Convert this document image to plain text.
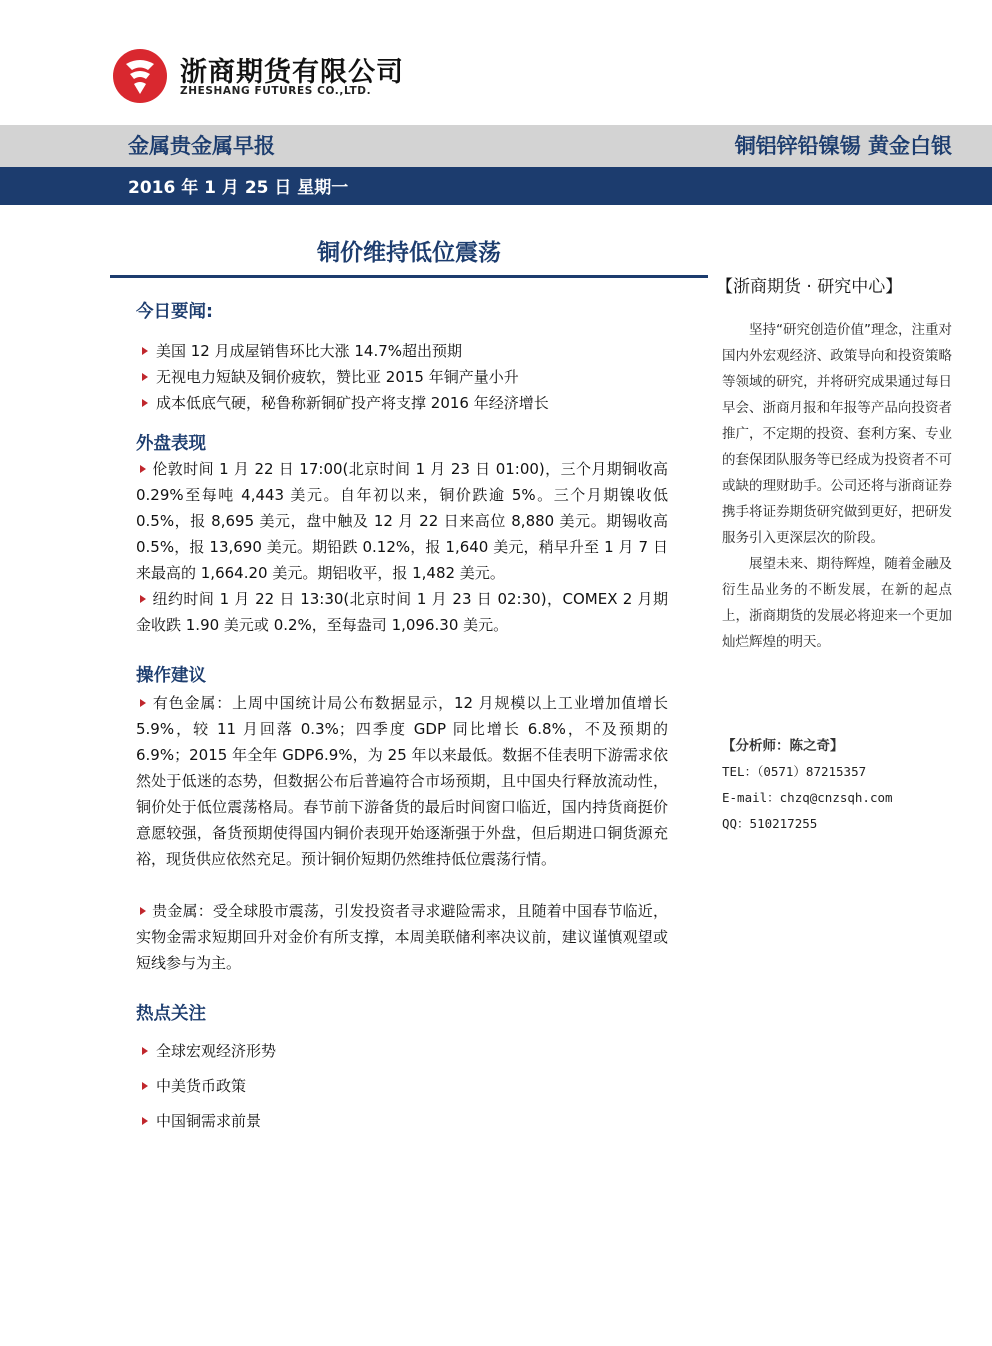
浙商期货有限公司
ZHESHANG FUTURES CO.,LTD.
金属贵金属早报	铜铝锌铅镍锡 黄金白银
2016 年 1 月 25 日 星期一
铜价维持低位震荡
今日要闻:
美国 12 月成屋销售环比大涨 14.7%超出预期
无视电力短缺及铜价疲软，赞比亚 2015 年铜产量小升
成本低底气硬，秘鲁称新铜矿投产将支撑 2016 年经济增长
外盘表现

伦敦时间 1 月 22 日 17:00(北京时间 1 月 23 日 01:00)，三个月期铜收高 0.29%至每吨 4,443 美元。自年初以来，铜价跌逾 5%。三个月期镍收低 0.5%，报 8,695 美元，盘中触及 12 月 22 日来高位 8,880 美元。期锡收高 0.5%，报 13,690 美元。期铅跌 0.12%，报 1,640 美元，稍早升至 1 月 7 日来最高的 1,664.20 美元。期铝收平，报 1,482 美元。

纽约时间 1 月 22 日 13:30(北京时间 1 月 23 日 02:30)，COMEX 2 月期金收跌 1.90 美元或 0.2%，至每盎司 1,096.30 美元。

操作建议

有色金属：上周中国统计局公布数据显示，12 月规模以上工业增加值增长 5.9%，较 11 月回落 0.3%；四季度 GDP 同比增长 6.8%，不及预期的 6.9%；2015 年全年 GDP6.9%，为 25 年以来最低。数据不佳表明下游需求依然处于低迷的态势，但数据公布后普遍符合市场预期，且中国央行释放流动性，铜价处于低位震荡格局。春节前下游备货的最后时间窗口临近，国内持货商挺价意愿较强，备货预期使得国内铜价表现开始逐渐强于外盘，但后期进口铜货源充裕，现货供应依然充足。预计铜价短期仍然维持低位震荡行情。

贵金属：受全球股市震荡，引发投资者寻求避险需求，且随着中国春节临近，实物金需求短期回升对金价有所支撑，本周美联储利率决议前，建议谨慎观望或短线参与为主。

热点关注
全球宏观经济形势
中美货币政策
中国铜需求前景

【浙商期货 · 研究中心】

坚持“研究创造价值”理念，注重对国内外宏观经济、政策导向和投资策略等领域的研究，并将研究成果通过每日早会、浙商月报和年报等产品向投资者推广，不定期的投资、套利方案、专业的套保团队服务等已经成为投资者不可或缺的理财助手。公司还将与浙商证券携手将证券期货研究做到更好，把研发服务引入更深层次的阶段。

展望未来、期待辉煌，随着金融及衍生品业务的不断发展，在新的起点上，浙商期货的发展必将迎来一个更加灿烂辉煌的明天。

【分析师：陈之奇】

TEL：（0571）87215357

E-mail：chzq@cnzsqh.com

QQ：510217255
